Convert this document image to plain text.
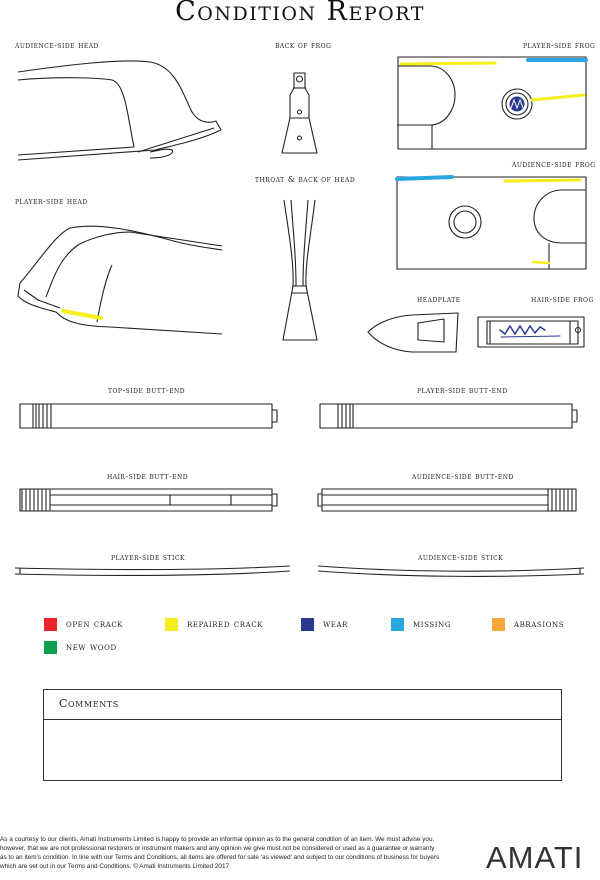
Condition Report
audience-side head	back of frog	player-side frog
audience-side frog
throat & back of head
player-side head
headplate	hair-side frog
top-side butt-end	player-side butt-end
hair-side butt-end	audience-side butt-end
player-side stick	audience-side stick
open crack	repaired crack	wear	missing	abrasions
new wood
Comments

As a courtesy to our clients, Amati Instruments Limited is happy to provide an informal opinion as to the general condition of an item. We must advise you, however, that we are not professional restorers or instrument makers and any opinion we give must not be considered or used as a guarantee or warranty as to an item’s condition. In line with our Terms and Conditions, all items are offered for sale ‘as viewed’ and subject to our conditions of business for buyers which are set out in our Terms and Conditions. © Amati Instruments Limited 2017	AMATI
